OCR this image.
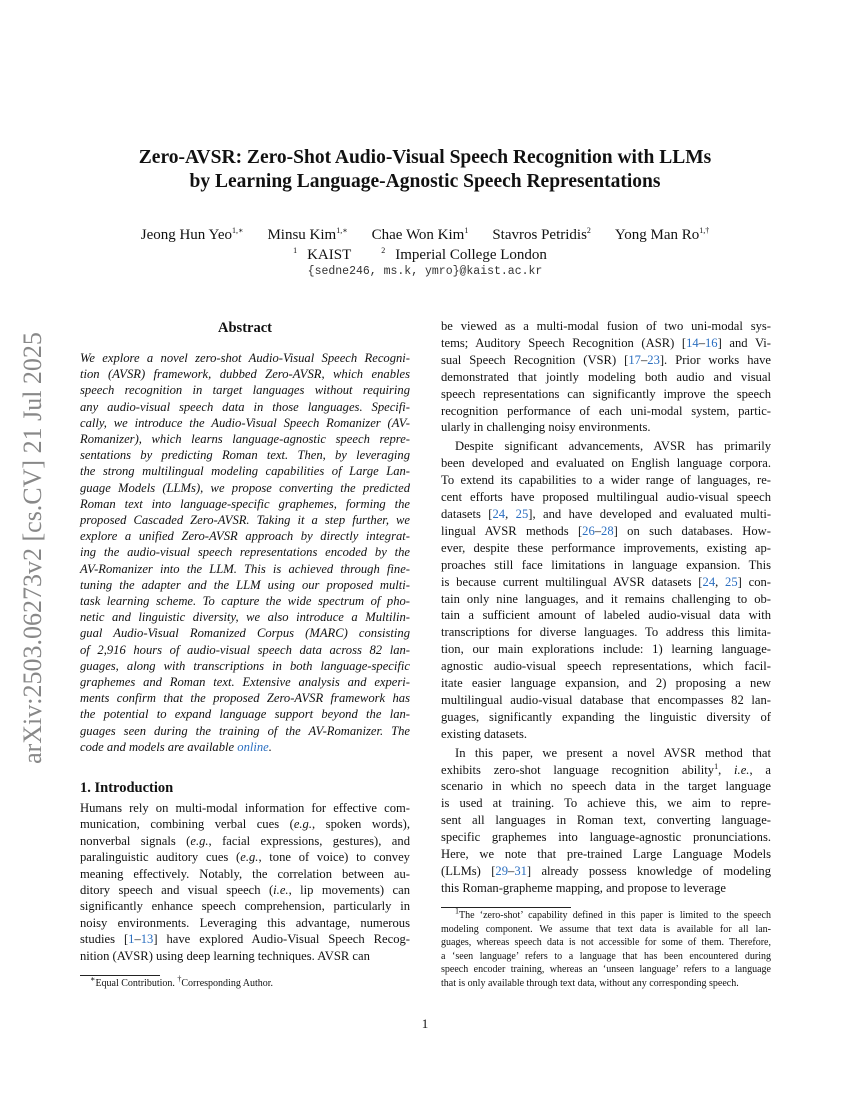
Zero-AVSR: Zero-Shot Audio-Visual Speech Recognition with LLMs
by Learning Language-Agnostic Speech Representations
Jeong Hun Yeo$^{1,∗}$ Minsu Kim$^{1,∗}$ Chae Won Kim$^1$ Stavros Petridis$^2$ Yong Man $Ro^{1,\dagger}$
$^1$ KAIST	$^2$ Imperial College London
{sedne246, ms.k, ymro}@kaist.ac.kr
arXiv:2503.06273v2 [cs.CV] 21 Jul 2025
Abstract
We explore a novel zero-shot Audio-Visual Speech Recogni-
tion (AVSR) framework, dubbed Zero-AVSR, which enables
speech recognition in target languages without requiring
any audio-visual speech data in those languages. Specifi-
cally, we introduce the Audio-Visual Speech Romanizer (AV-
Romanizer), which learns language-agnostic speech repre-
sentations by predicting Roman text. Then, by leveraging
the strong multilingual modeling capabilities of Large Lan-
guage Models (LLMs), we propose converting the predicted
Roman text into language-specific graphemes, forming the
proposed Cascaded Zero-AVSR. Taking it a step further, we
explore a unified Zero-AVSR approach by directly integrat-
ing the audio-visual speech representations encoded by the
AV-Romanizer into the LLM. This is achieved through fine-
tuning the adapter and the LLM using our proposed multi-
task learning scheme. To capture the wide spectrum of pho-
netic and linguistic diversity, we also introduce a Multilin-
gual Audio-Visual Romanized Corpus (MARC) consisting
of 2,916 hours of audio-visual speech data across 82 lan-
guages, along with transcriptions in both language-specific
graphemes and Roman text. Extensive analysis and experi-
ments confirm that the proposed Zero-AVSR framework has
the potential to expand language support beyond the lan-
guages seen during the training of the AV-Romanizer. The
code and models are available online.
1. Introduction
Humans rely on multi-modal information for effective com-
munication, combining verbal cues (e.g., spoken words),
nonverbal signals (e.g., facial expressions, gestures), and
paralinguistic auditory cues (e.g., tone of voice) to convey
meaning effectively. Notably, the correlation between au-
ditory speech and visual speech (i.e., lip movements) can
significantly enhance speech comprehension, particularly in
noisy environments. Leveraging this advantage, numerous
studies [1–13] have explored Audio-Visual Speech Recog-
nition (AVSR) using deep learning techniques. AVSR can
be viewed as a multi-modal fusion of two uni-modal sys-
tems; Auditory Speech Recognition (ASR) [14–16] and Vi-
sual Speech Recognition (VSR) [17–23]. Prior works have
demonstrated that jointly modeling both audio and visual
speech representations can significantly improve the speech
recognition performance of each uni-modal system, partic-
ularly in challenging noisy environments.
Despite significant advancements, AVSR has primarily
been developed and evaluated on English language corpora.
To extend its capabilities to a wider range of languages, re-
cent efforts have proposed multilingual audio-visual speech
datasets [24, 25], and have developed and evaluated multi-
lingual AVSR methods [26–28] on such databases. How-
ever, despite these performance improvements, existing ap-
proaches still face limitations in language expansion. This
is because current multilingual AVSR datasets [24, 25] con-
tain only nine languages, and it remains challenging to ob-
tain a sufficient amount of labeled audio-visual data with
transcriptions for diverse languages. To address this limita-
tion, our main explorations include: 1) learning language-
agnostic audio-visual speech representations, which facil-
itate easier language expansion, and 2) proposing a new
multilingual audio-visual database that encompasses 82 lan-
guages, significantly expanding the linguistic diversity of
existing datasets.
In this paper, we present a novel AVSR method that
exhibits zero-shot language recognition ability$^1$, i.e., a
scenario in which no speech data in the target language
is used at training. To achieve this, we aim to repre-
sent all languages in Roman text, converting language-
specific graphemes into language-agnostic pronunciations.
Here, we note that pre-trained Large Language Models
(LLMs) [29–31] already possess knowledge of modeling
this Roman-grapheme mapping, and propose to leverage
∗Equal Contribution. †Corresponding Author.
$^1$The ‘zero-shot’ capability defined in this paper is limited to the speech
modeling component. We assume that text data is available for all lan-
guages, whereas speech data is not accessible for some of them. Therefore,
a ‘seen language’ refers to a language that has been encountered during
speech encoder training, whereas an ‘unseen language’ refers to a language
that is only available through text data, without any corresponding speech.
1
